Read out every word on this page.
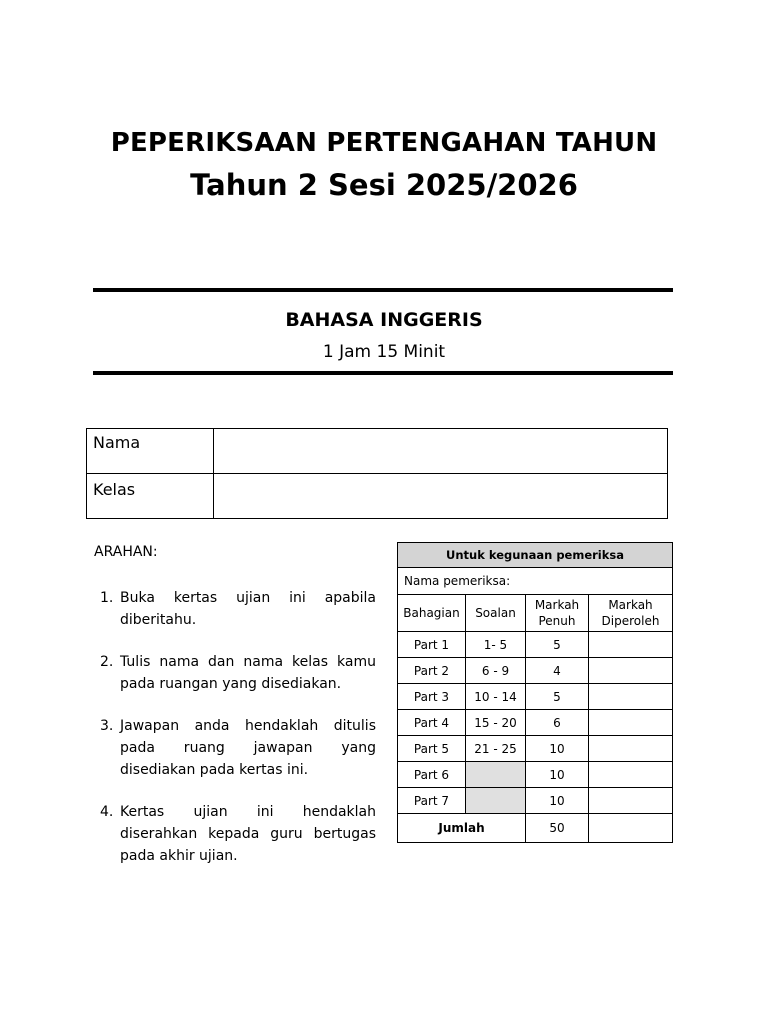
PEPERIKSAAN PERTENGAHAN TAHUN
Tahun 2 Sesi 2025/2026
BAHASA INGGERIS
1 Jam 15 Minit
Nama	
Kelas	
ARAHAN:
1. Buka kertas ujian ini apabila diberitahu.
2. Tulis nama dan nama kelas kamu pada ruangan yang disediakan.
3. Jawapan anda hendaklah ditulis pada ruang jawapan yang disediakan pada kertas ini.
4. Kertas ujian ini hendaklah diserahkan kepada guru bertugas pada akhir ujian.
Untuk kegunaan pemeriksa			
Nama pemeriksa:			
Bahagian	Soalan	Markah Penuh	Markah Diperoleh
Part 1	1- 5	5	
Part 2	6 - 9	4	
Part 3	10 - 14	5	
Part 4	15 - 20	6	
Part 5	21 - 25	10	
Part 6		10	
Part 7		10	
Jumlah		50	
